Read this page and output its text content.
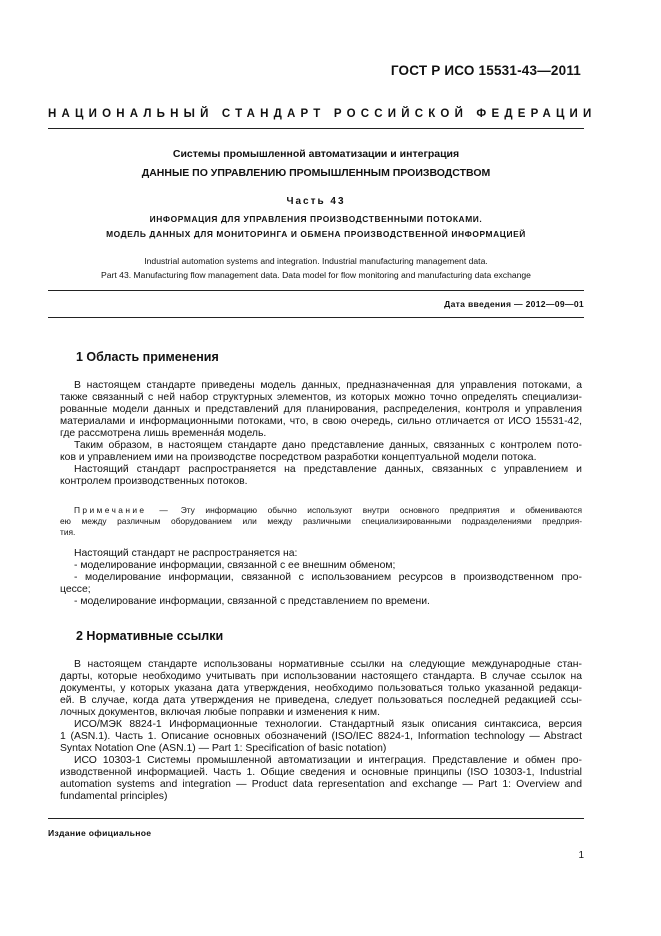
ГОСТ Р ИСО 15531-43—2011
НАЦИОНАЛЬНЫЙ СТАНДАРТ РОССИЙСКОЙ ФЕДЕРАЦИИ
Системы промышленной автоматизации и интеграция
ДАННЫЕ ПО УПРАВЛЕНИЮ ПРОМЫШЛЕННЫМ ПРОИЗВОДСТВОМ
Часть 43
ИНФОРМАЦИЯ ДЛЯ УПРАВЛЕНИЯ ПРОИЗВОДСТВЕННЫМИ ПОТОКАМИ.
МОДЕЛЬ ДАННЫХ ДЛЯ МОНИТОРИНГА И ОБМЕНА ПРОИЗВОДСТВЕННОЙ ИНФОРМАЦИЕЙ
Industrial automation systems and integration. Industrial manufacturing management data.
Part 43. Manufacturing flow management data. Data model for flow monitoring and manufacturing data exchange
Дата введения — 2012—09—01
1 Область применения

В настоящем стандарте приведены модель данных, предназначенная для управления потоками, а
также связанный с ней набор структурных элементов, из которых можно точно определять специализи-
рованные модели данных и представлений для планирования, распределения, контроля и управления
материалами и информационными потоками, что, в свою очередь, сильно отличается от ИСО 15531-42,
где рассмотрена лишь временна́я модель.

Таким образом, в настоящем стандарте дано представление данных, связанных с контролем пото-
ков и управлением ими на производстве посредством разработки концептуальной модели потока.

Настоящий стандарт распространяется на представление данных, связанных с управлением и
контролем производственных потоков.

Примечание — Эту информацию обычно используют внутри основного предприятия и обмениваются
ею между различным оборудованием или между различными специализированными подразделениями предприя-
тия.

Настоящий стандарт не распространяется на:
- моделирование информации, связанной с ее внешним обменом;
- моделирование информации, связанной с использованием ресурсов в производственном про-
цессе;
- моделирование информации, связанной с представлением по времени.

2 Нормативные ссылки

В настоящем стандарте использованы нормативные ссылки на следующие международные стан-
дарты, которые необходимо учитывать при использовании настоящего стандарта. В случае ссылок на
документы, у которых указана дата утверждения, необходимо пользоваться только указанной редакци-
ей. В случае, когда дата утверждения не приведена, следует пользоваться последней редакцией ссы-
лочных документов, включая любые поправки и изменения к ним.

ИСО/МЭК 8824-1 Информационные технологии. Стандартный язык описания синтаксиса, версия
1 (ASN.1). Часть 1. Описание основных обозначений (ISO/IEC 8824-1, Information technology — Abstract
Syntax Notation One (ASN.1) — Part 1: Specification of basic notation)

ИСО 10303-1 Системы промышленной автоматизации и интеграция. Представление и обмен про-
изводственной информацией. Часть 1. Общие сведения и основные принципы (ISO 10303-1, Industrial
automation systems and integration — Product data representation and exchange — Part 1: Overview and
fundamental principles)

Издание официальное
1
